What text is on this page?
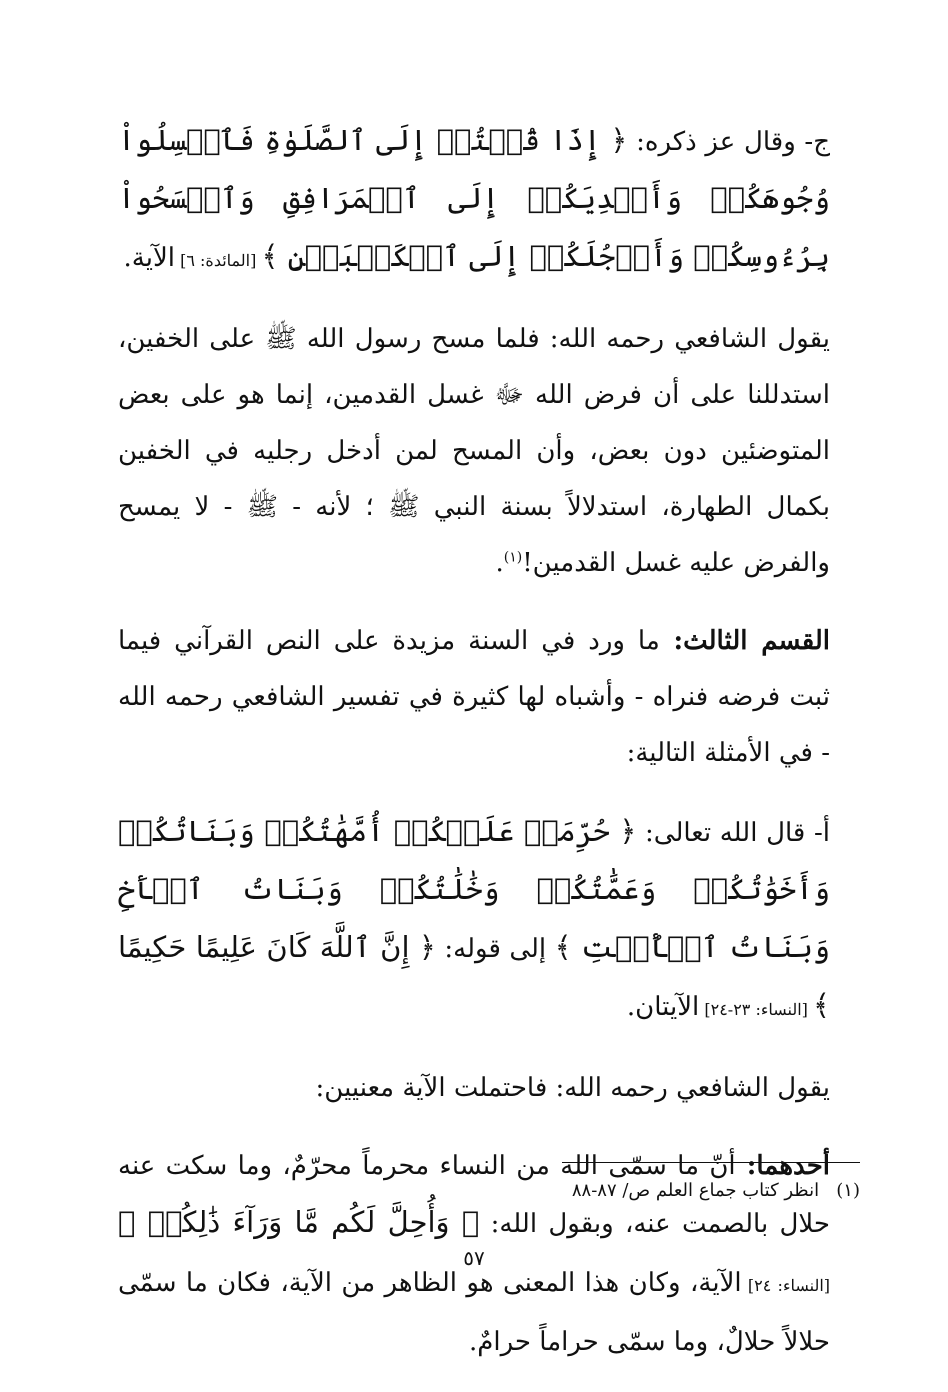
ج- وقال عز ذكره: ﴿ إِذَا قُمۡتُمۡ إِلَى ٱلصَّلَوٰةِ فَٱغۡسِلُواْ وُجُوهَكُمۡ وَأَيۡدِيَكُمۡ إِلَى ٱلۡمَرَافِقِ وَٱمۡسَحُواْ بِرُءُوسِكُمۡ وَأَرۡجُلَكُمۡ إِلَى ٱلۡكَعۡبَيۡنِ ﴾ [المائدة: ٦] الآية.

يقول الشافعي رحمه الله: فلما مسح رسول الله ﷺ على الخفين، استدللنا على أن فرض الله ﷻ غسل القدمين، إنما هو على بعض المتوضئين دون بعض، وأن المسح لمن أدخل رجليه في الخفين بكمال الطهارة، استدلالاً بسنة النبي ﷺ ؛ لأنه - ﷺ - لا يمسح والفرض عليه غسل القدمين!$^{(١)}$.

القسم الثالث: ما ورد في السنة مزيدة على النص القرآني فيما ثبت فرضه فنراه - وأشباه لها كثيرة في تفسير الشافعي رحمه الله - في الأمثلة التالية:

أ- قال الله تعالى: ﴿ حُرِّمَتۡ عَلَيۡكُمۡ أُمَّهَٰتُكُمۡ وَبَنَاتُكُمۡ وَأَخَوَٰتُكُمۡ وَعَمَّٰتُكُمۡ وَخَٰلَٰتُكُمۡ وَبَنَاتُ ٱلۡأَخِ وَبَنَاتُ ٱلۡأُخۡتِ ﴾ إلى قوله: ﴿ إِنَّ ٱللَّهَ كَانَ عَلِيمًا حَكِيمًا ﴾ [النساء: ٢٣-٢٤] الآيتان.

يقول الشافعي رحمه الله: فاحتملت الآية معنيين:

أحدهما: أنّ ما سمّى الله من النساء محرماً محرّمٌ، وما سكت عنه حلال بالصمت عنه، وبقول الله: ﴿ وَأُحِلَّ لَكُم مَّا وَرَآءَ ذَٰلِكُمۡ ﴾ [النساء: ٢٤] الآية، وكان هذا المعنى هو الظاهر من الآية، فكان ما سمّى حلالاً حلالٌ، وما سمّى حراماً حرامٌ.

(١)   انظر كتاب جماع العلم ص/ ٨٧-٨٨
٥٧
